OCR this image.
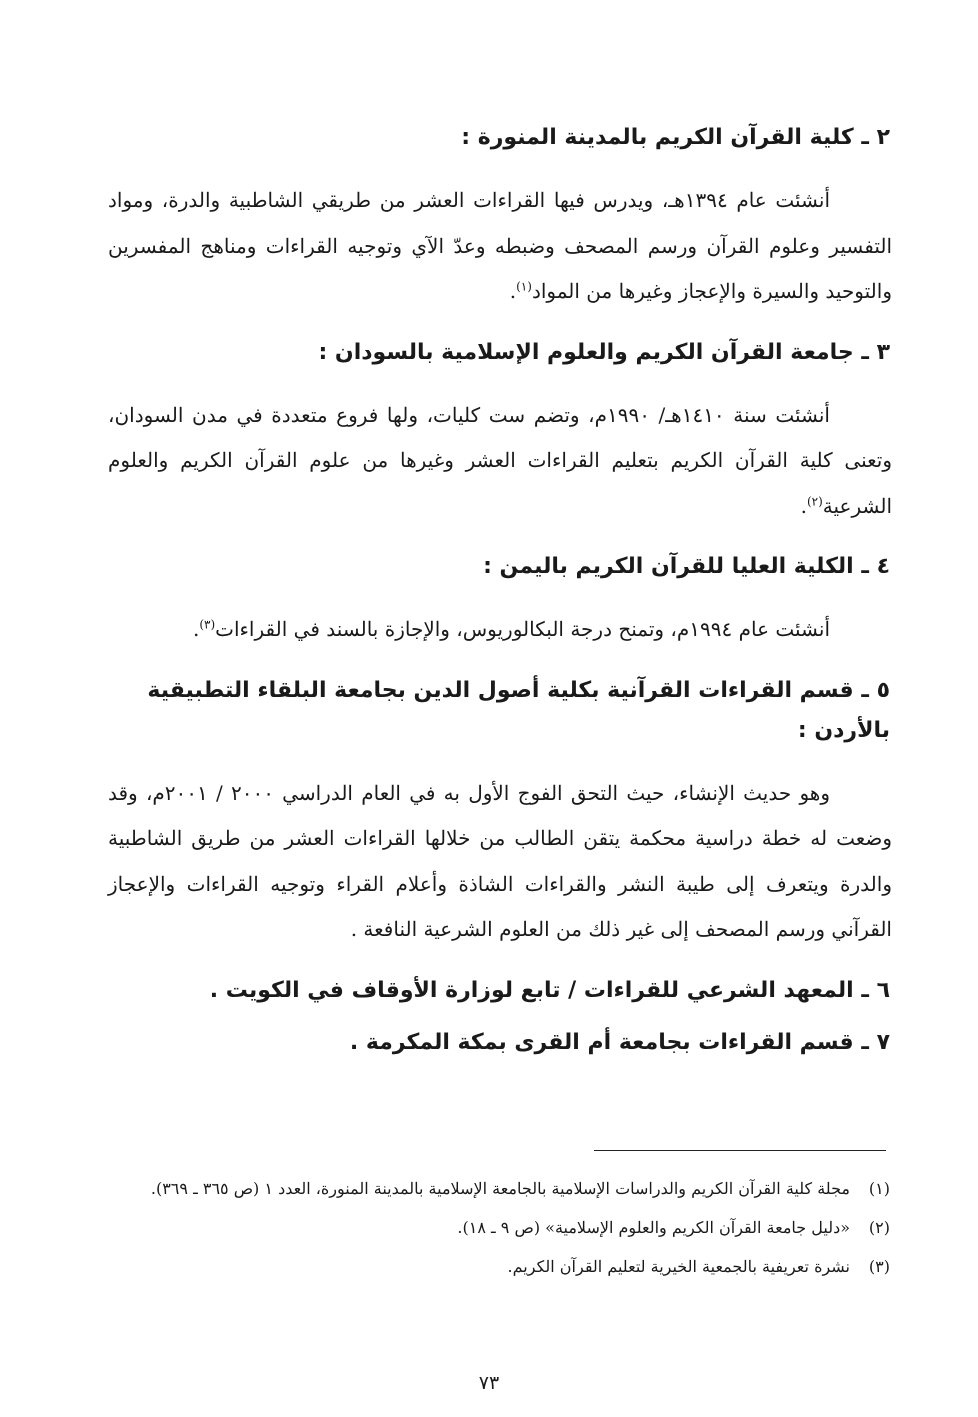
٢ ـ كلية القرآن الكريم بالمدينة المنورة :

أنشئت عام ١٣٩٤هـ، ويدرس فيها القراءات العشر من طريقي الشاطبية والدرة، ومواد التفسير وعلوم القرآن ورسم المصحف وضبطه وعدّ الآي وتوجيه القراءات ومناهج المفسرين والتوحيد والسيرة والإعجاز وغيرها من المواد$^{(١)}$.

٣ ـ جامعة القرآن الكريم والعلوم الإسلامية بالسودان :

أنشئت سنة ١٤١٠هـ/ ١٩٩٠م، وتضم ست كليات، ولها فروع متعددة في مدن السودان، وتعنى كلية القرآن الكريم بتعليم القراءات العشر وغيرها من علوم القرآن الكريم والعلوم الشرعية$^{(٢)}$.

٤ ـ الكلية العليا للقرآن الكريم باليمن :

أنشئت عام ١٩٩٤م، وتمنح درجة البكالوريوس، والإجازة بالسند في القراءات$^{(٣)}$.

٥ ـ قسم القراءات القرآنية بكلية أصول الدين بجامعة البلقاء التطبيقية بالأردن :

وهو حديث الإنشاء، حيث التحق الفوج الأول به في العام الدراسي ٢٠٠٠ / ٢٠٠١م، وقد وضعت له خطة دراسية محكمة يتقن الطالب من خلالها القراءات العشر من طريق الشاطبية والدرة ويتعرف إلى طيبة النشر والقراءات الشاذة وأعلام القراء وتوجيه القراءات والإعجاز القرآني ورسم المصحف إلى غير ذلك من العلوم الشرعية النافعة .

٦ ـ المعهد الشرعي للقراءات / تابع لوزارة الأوقاف في الكويت .
٧ ـ قسم القراءات بجامعة أم القرى بمكة المكرمة .
(١)
مجلة كلية القرآن الكريم والدراسات الإسلامية بالجامعة الإسلامية بالمدينة المنورة، العدد ١ (ص ٣٦٥ ـ ٣٦٩).
(٢)
«دليل جامعة القرآن الكريم والعلوم الإسلامية» (ص ٩ ـ ١٨).
(٣)
نشرة تعريفية بالجمعية الخيرية لتعليم القرآن الكريم.
٧٣
